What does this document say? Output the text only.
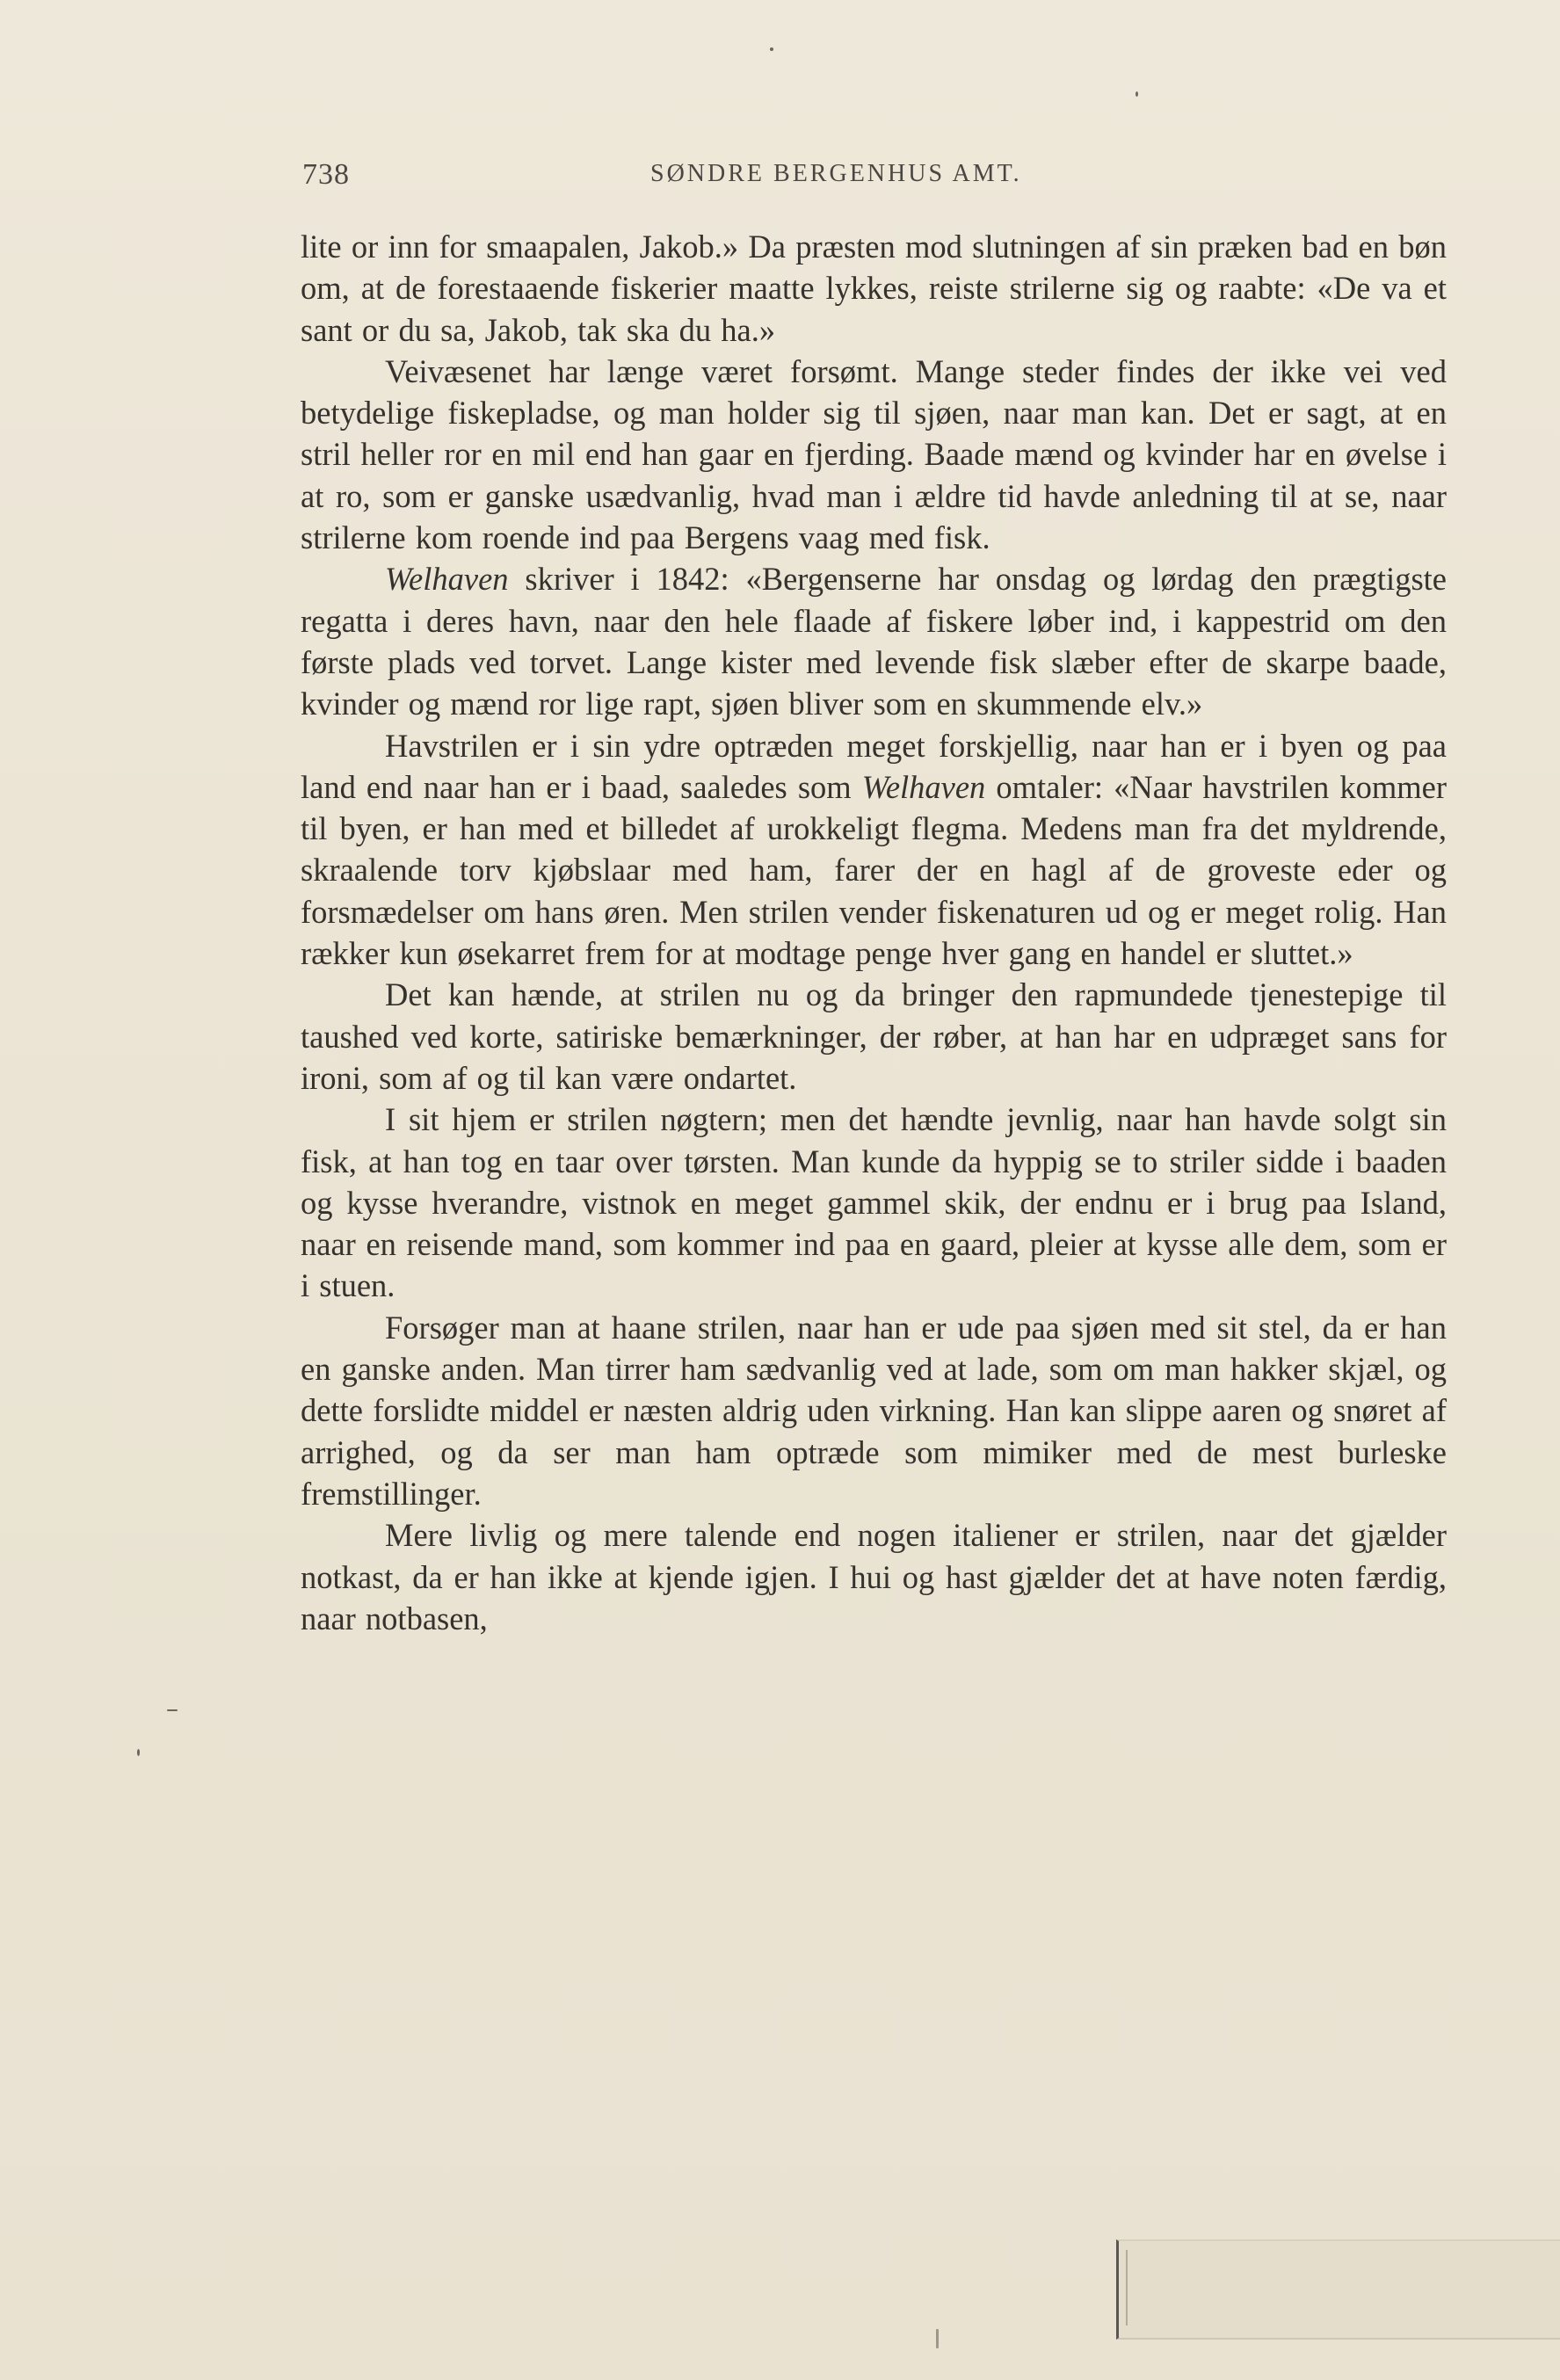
738	SØNDRE BERGENHUS AMT.

lite or inn for smaapalen, Jakob.» Da præsten mod slutningen af sin præken bad en bøn om, at de forestaaende fiskerier maatte lykkes, reiste strilerne sig og raabte: «De va et sant or du sa, Jakob, tak ska du ha.»

Veivæsenet har længe været forsømt. Mange steder findes der ikke vei ved betydelige fiskepladse, og man holder sig til sjøen, naar man kan. Det er sagt, at en stril heller ror en mil end han gaar en fjerding. Baade mænd og kvinder har en øvelse i at ro, som er ganske usædvanlig, hvad man i ældre tid havde anledning til at se, naar strilerne kom roende ind paa Bergens vaag med fisk.

Welhaven skriver i 1842: «Bergenserne har onsdag og lørdag den prægtigste regatta i deres havn, naar den hele flaade af fiskere løber ind, i kappestrid om den første plads ved torvet. Lange kister med levende fisk slæber efter de skarpe baade, kvinder og mænd ror lige rapt, sjøen bliver som en skummende elv.»

Havstrilen er i sin ydre optræden meget forskjellig, naar han er i byen og paa land end naar han er i baad, saaledes som Welhaven omtaler: «Naar havstrilen kommer til byen, er han med et billedet af urokkeligt flegma. Medens man fra det myldrende, skraalende torv kjøbslaar med ham, farer der en hagl af de groveste eder og forsmædelser om hans øren. Men strilen vender fiskenaturen ud og er meget rolig. Han rækker kun øsekarret frem for at modtage penge hver gang en handel er sluttet.»

Det kan hænde, at strilen nu og da bringer den rapmundede tjenestepige til taushed ved korte, satiriske bemærkninger, der røber, at han har en udpræget sans for ironi, som af og til kan være ondartet.

I sit hjem er strilen nøgtern; men det hændte jevnlig, naar han havde solgt sin fisk, at han tog en taar over tørsten. Man kunde da hyppig se to striler sidde i baaden og kysse hverandre, vistnok en meget gammel skik, der endnu er i brug paa Island, naar en reisende mand, som kommer ind paa en gaard, pleier at kysse alle dem, som er i stuen.

Forsøger man at haane strilen, naar han er ude paa sjøen med sit stel, da er han en ganske anden. Man tirrer ham sædvanlig ved at lade, som om man hakker skjæl, og dette forslidte middel er næsten aldrig uden virkning. Han kan slippe aaren og snøret af arrighed, og da ser man ham optræde som mimiker med de mest burleske fremstillinger.

Mere livlig og mere talende end nogen italiener er strilen, naar det gjælder notkast, da er han ikke at kjende igjen. I hui og hast gjælder det at have noten færdig, naar notbasen,
